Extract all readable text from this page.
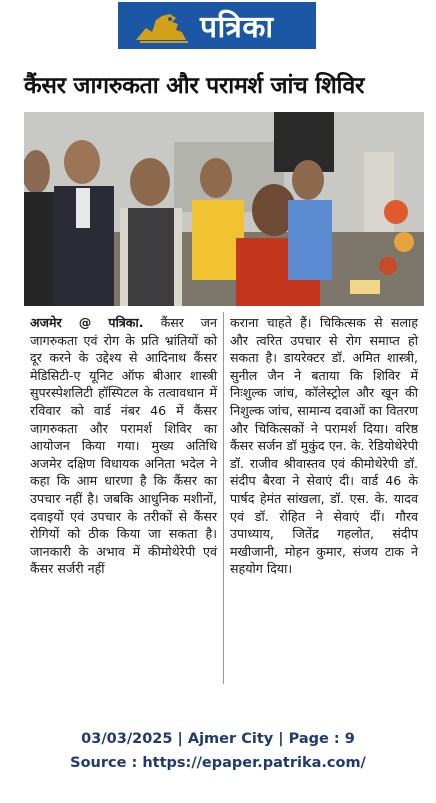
पत्रिका
कैंसर जागरुकता और परामर्श जांच शिविर
अजमेर @ पत्रिका. कैंसर जन जागरुकता एवं रोग के प्रति भ्रांतियों को दूर करने के उद्देश्य से आदिनाथ कैंसर मेडिसिटी-ए यूनिट ऑफ बीआर शास्त्री सुपरस्पेशलिटी हॉस्पिटल के तत्वावधान में रविवार को वार्ड नंबर 46 में कैंसर जागरुकता और परामर्श शिविर का आयोजन किया गया। मुख्य अतिथि अजमेर दक्षिण विधायक अनिता भदेल ने कहा कि आम धारणा है कि कैंसर का उपचार नहीं है। जबकि आधुनिक मशीनों, दवाइयों एवं उपचार के तरीकों से कैंसर रोगियों को ठीक किया जा सकता है। जानकारी के अभाव में कीमोथेरेपी एवं कैंसर सर्जरी नहीं
कराना चाहते हैं। चिकित्सक से सलाह और त्वरित उपचार से रोग समाप्त हो सकता है। डायरेक्टर डॉ. अमित शास्त्री, सुनील जैन ने बताया कि शिविर में निःशुल्क जांच, कॉलेस्ट्रोल और खून की निशुल्क जांच, सामान्य दवाओं का वितरण और चिकित्सकों ने परामर्श दिया। वरिष्ठ कैंसर सर्जन डॉ मुकुंद एन. के. रेडियोथेरेपी डॉ. राजीव श्रीवास्तव एवं कीमोथेरेपी डॉ. संदीप बैरवा ने सेवाएं दी। वार्ड 46 के पार्षद हेमंत सांखला, डॉ. एस. के. यादव एवं डॉ. रोहित ने सेवाएं दीं। गौरव उपाध्याय, जितेंद्र गहलोत, संदीप मखीजानी, मोहन कुमार, संजय टाक ने सहयोग दिया।
03/03/2025 | Ajmer City | Page : 9
Source : https://epaper.patrika.com/
